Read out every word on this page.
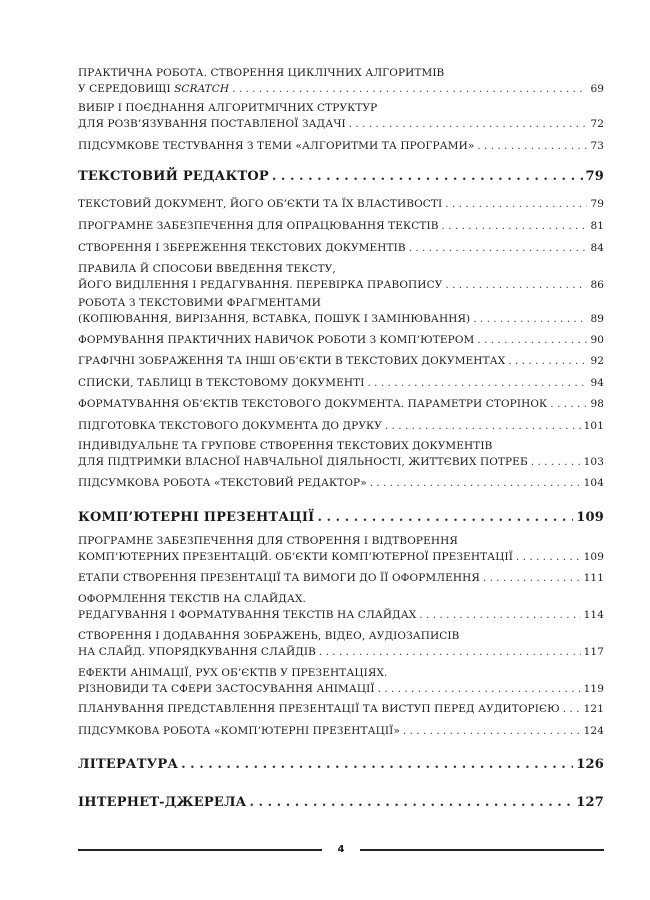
ПРАКТИЧНА РОБОТА. СТВОРЕННЯ ЦИКЛІЧНИХ АЛГОРИТМІВ
У СЕРЕДОВИЩІ SCRATCH . . .	69
ВИБІР І ПОЄДНАННЯ АЛГОРИТМІЧНИХ СТРУКТУР
ДЛЯ РОЗВ’ЯЗУВАННЯ ПОСТАВЛЕНОЇ ЗАДАЧІ . . .	72
ПІДСУМКОВЕ ТЕСТУВАННЯ З ТЕМИ «АЛГОРИТМИ ТА ПРОГРАМИ» . . .	73
ТЕКСТОВИЙ РЕДАКТОР . . .	79
ТЕКСТОВИЙ ДОКУМЕНТ, ЙОГО ОБ’ЄКТИ ТА ЇХ ВЛАСТИВОСТІ . . .	79
ПРОГРАМНЕ ЗАБЕЗПЕЧЕННЯ ДЛЯ ОПРАЦЮВАННЯ ТЕКСТІВ . . .	81
СТВОРЕННЯ І ЗБЕРЕЖЕННЯ ТЕКСТОВИХ ДОКУМЕНТІВ . . .	84
ПРАВИЛА Й СПОСОБИ ВВЕДЕННЯ ТЕКСТУ,
ЙОГО ВИДІЛЕННЯ І РЕДАГУВАННЯ. ПЕРЕВІРКА ПРАВОПИСУ . . .	86
РОБОТА З ТЕКСТОВИМИ ФРАГМЕНТАМИ
(КОПІЮВАННЯ, ВИРІЗАННЯ, ВСТАВКА, ПОШУК І ЗАМІНЮВАННЯ) . . .	89
ФОРМУВАННЯ ПРАКТИЧНИХ НАВИЧОК РОБОТИ З КОМП’ЮТЕРОМ . . .	90
ГРАФІЧНІ ЗОБРАЖЕННЯ ТА ІНШІ ОБ’ЄКТИ В ТЕКСТОВИХ ДОКУМЕНТАХ . . .	92
СПИСКИ, ТАБЛИЦІ В ТЕКСТОВОМУ ДОКУМЕНТІ . . .	94
ФОРМАТУВАННЯ ОБ’ЄКТІВ ТЕКСТОВОГО ДОКУМЕНТА. ПАРАМЕТРИ СТОРІНОК . . .	98
ПІДГОТОВКА ТЕКСТОВОГО ДОКУМЕНТА ДО ДРУКУ . . .	101
ІНДИВІДУАЛЬНЕ ТА ГРУПОВЕ СТВОРЕННЯ ТЕКСТОВИХ ДОКУМЕНТІВ
ДЛЯ ПІДТРИМКИ ВЛАСНОЇ НАВЧАЛЬНОЇ ДІЯЛЬНОСТІ, ЖИТТЄВИХ ПОТРЕБ . . .	103
ПІДСУМКОВА РОБОТА «ТЕКСТОВИЙ РЕДАКТОР» . . .	104
КОМП’ЮТЕРНІ ПРЕЗЕНТАЦІЇ . . .	109
ПРОГРАМНЕ ЗАБЕЗПЕЧЕННЯ ДЛЯ СТВОРЕННЯ І ВІДТВОРЕННЯ
КОМП’ЮТЕРНИХ ПРЕЗЕНТАЦІЙ. ОБ’ЄКТИ КОМП’ЮТЕРНОЇ ПРЕЗЕНТАЦІЇ . . .	109
ЕТАПИ СТВОРЕННЯ ПРЕЗЕНТАЦІЇ ТА ВИМОГИ ДО ЇЇ ОФОРМЛЕННЯ . . .	111
ОФОРМЛЕННЯ ТЕКСТІВ НА СЛАЙДАХ.
РЕДАГУВАННЯ І ФОРМАТУВАННЯ ТЕКСТІВ НА СЛАЙДАХ . . .	114
СТВОРЕННЯ І ДОДАВАННЯ ЗОБРАЖЕНЬ, ВІДЕО, АУДІОЗАПИСІВ
НА СЛАЙД. УПОРЯДКУВАННЯ СЛАЙДІВ . . .	117
ЕФЕКТИ АНІМАЦІЇ, РУХ ОБ’ЄКТІВ У ПРЕЗЕНТАЦІЯХ.
РІЗНОВИДИ ТА СФЕРИ ЗАСТОСУВАННЯ АНІМАЦІЇ . . .	119
ПЛАНУВАННЯ ПРЕДСТАВЛЕННЯ ПРЕЗЕНТАЦІЇ ТА ВИСТУП ПЕРЕД АУДИТОРІЄЮ . . . 121
ПІДСУМКОВА РОБОТА «КОМП’ЮТЕРНІ ПРЕЗЕНТАЦІЇ» . . .	124
ЛІТЕРАТУРА . . .	126
ІНТЕРНЕТ-ДЖЕРЕЛА . . .	127
4
